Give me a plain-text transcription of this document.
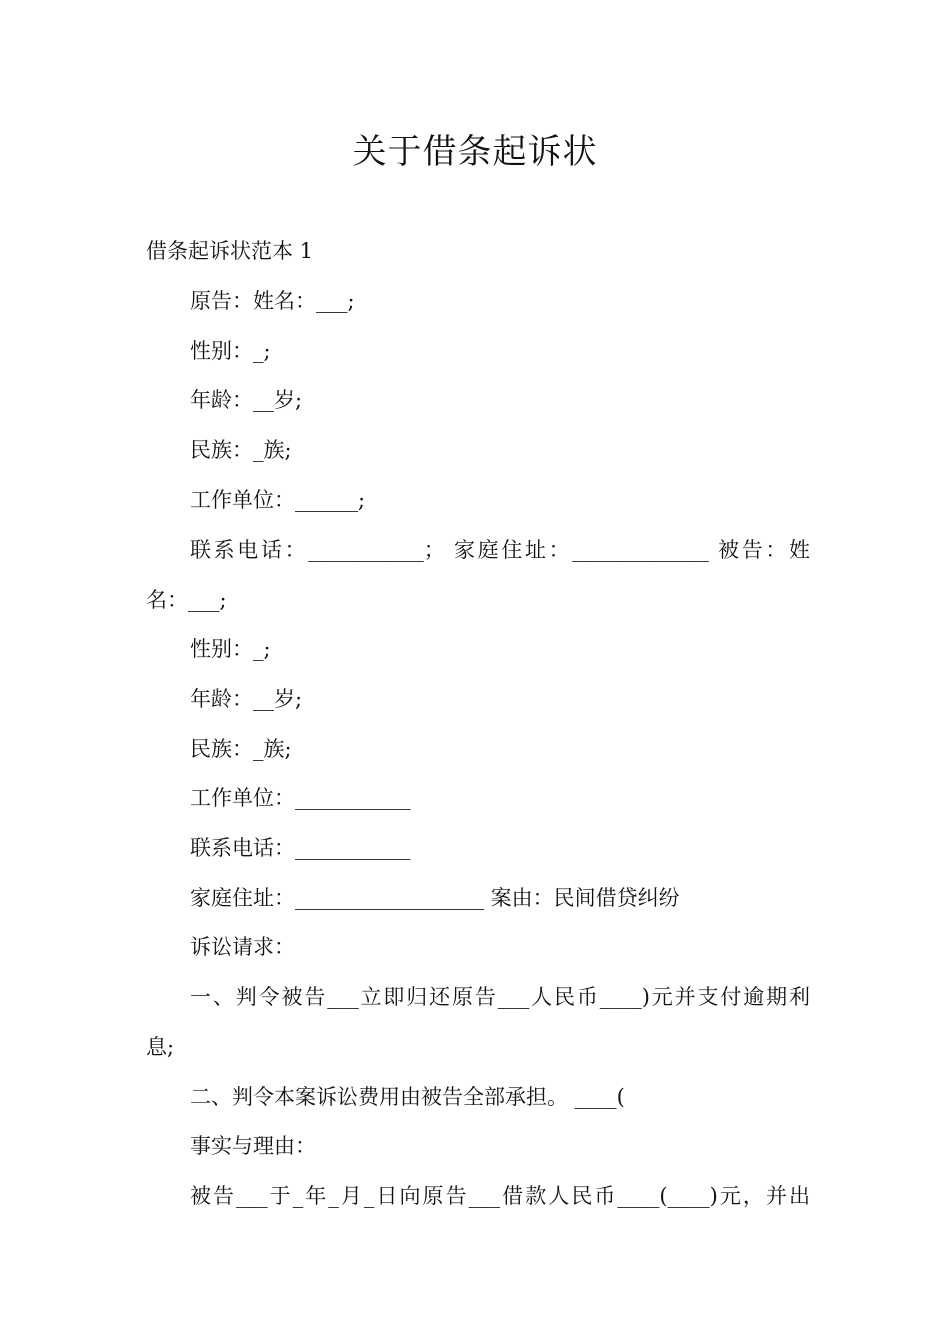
关于借条起诉状
借条起诉状范本 1
原告：姓名：___;
性别：_;
年龄：__岁;
民族：_族;
工作单位：______;
联系电话：___________； 家庭住址：_____________ 被告：姓
名：___;
性别：_;
年龄：__岁;
民族：_族;
工作单位：___________
联系电话：___________
家庭住址：__________________ 案由：民间借贷纠纷
诉讼请求：
一、判令被告___立即归还原告___人民币____)元并支付逾期利
息;
二、判令本案诉讼费用由被告全部承担。 ____(
事实与理由：
被告___于_年_月_日向原告___借款人民币____(____)元，并出
